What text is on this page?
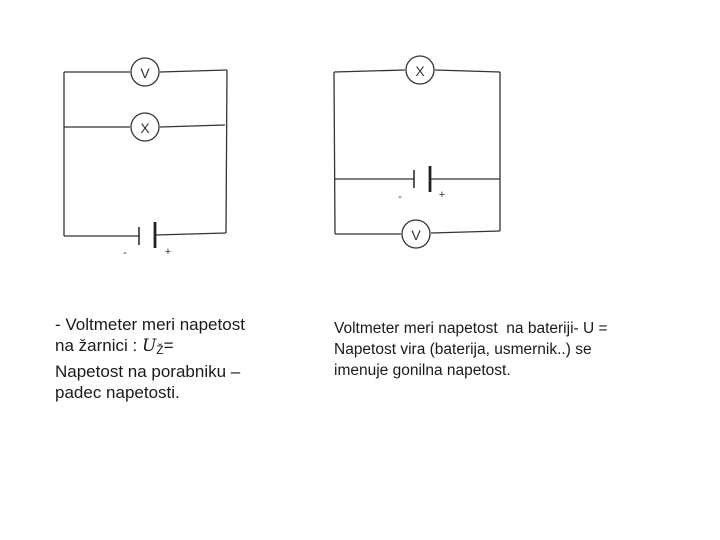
V
X
-	+
X
V
-	+
- Voltmeter meri napetost
na žarnici : $U_Ž=$
Napetost na porabniku –
padec napetosti.
Voltmeter meri napetost  na bateriji- U =
Napetost vira (baterija, usmernik..) se
imenuje gonilna napetost.
